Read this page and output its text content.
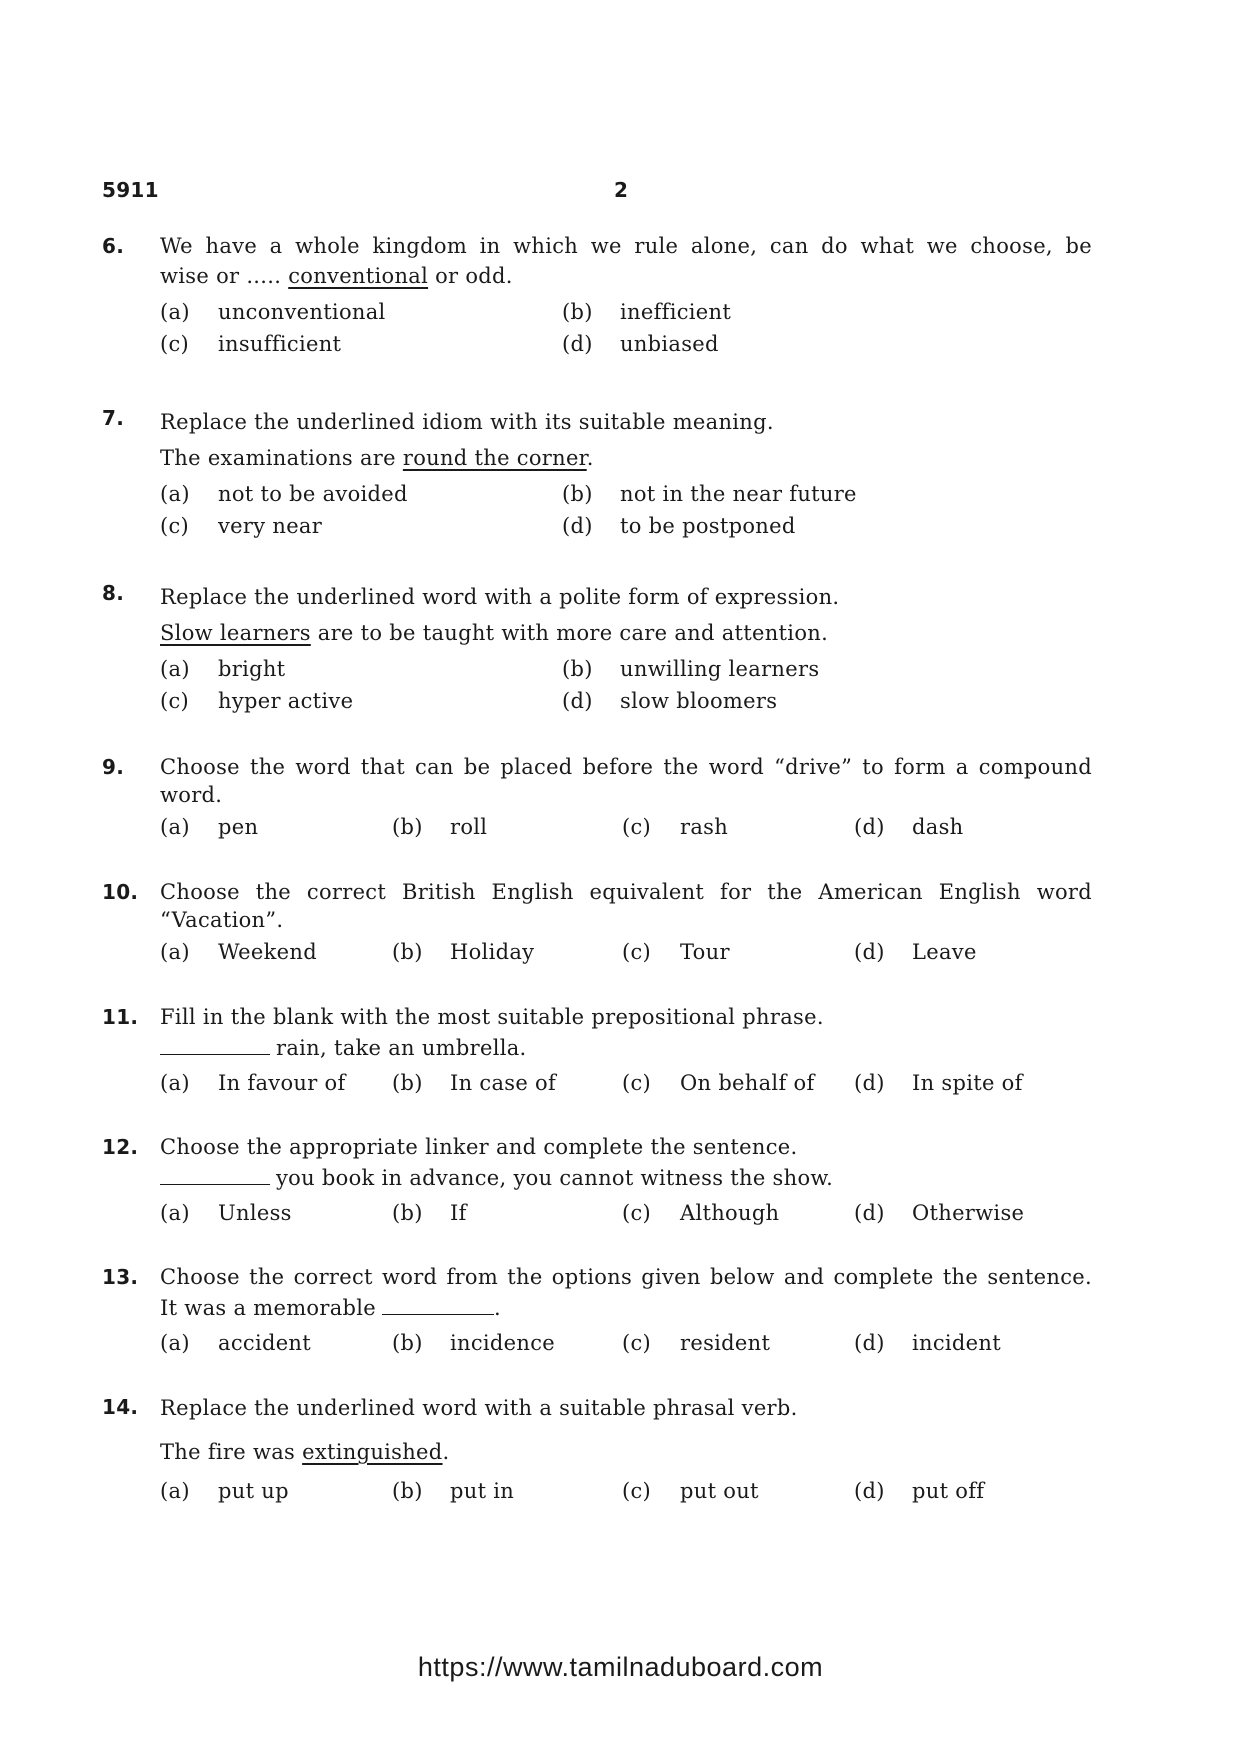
5911	2
6. We have a whole kingdom in which we rule alone, can do what we choose, be
wise or ..... conventional or odd.
(a) unconventional	(b) inefficient
(c) insufficient	(d) unbiased
7. Replace the underlined idiom with its suitable meaning.
The examinations are round the corner.
(a) not to be avoided	(b) not in the near future
(c) very near	(d) to be postponed
8. Replace the underlined word with a polite form of expression.
Slow learners are to be taught with more care and attention.
(a) bright	(b) unwilling learners
(c) hyper active	(d) slow bloomers
9. Choose the word that can be placed before the word “drive” to form a compound
word.
(a) pen	(b) roll	(c) rash	(d) dash
10. Choose the correct British English equivalent for the American English word
“Vacation”.
(a) Weekend	(b) Holiday	(c) Tour	(d) Leave
11. Fill in the blank with the most suitable prepositional phrase.
rain, take an umbrella.
(a) In favour of (b) In case of	(c) On behalf of (d) In spite of
12. Choose the appropriate linker and complete the sentence.
you book in advance, you cannot witness the show.
(a) Unless	(b) If	(c) Although	(d) Otherwise
13. Choose the correct word from the options given below and complete the sentence.
It was a memorable	.
(a) accident	(b) incidence	(c) resident	(d) incident
14. Replace the underlined word with a suitable phrasal verb.
The fire was extinguished.
(a) put up	(b) put in	(c) put out	(d) put off
https://www.tamilnaduboard.com
